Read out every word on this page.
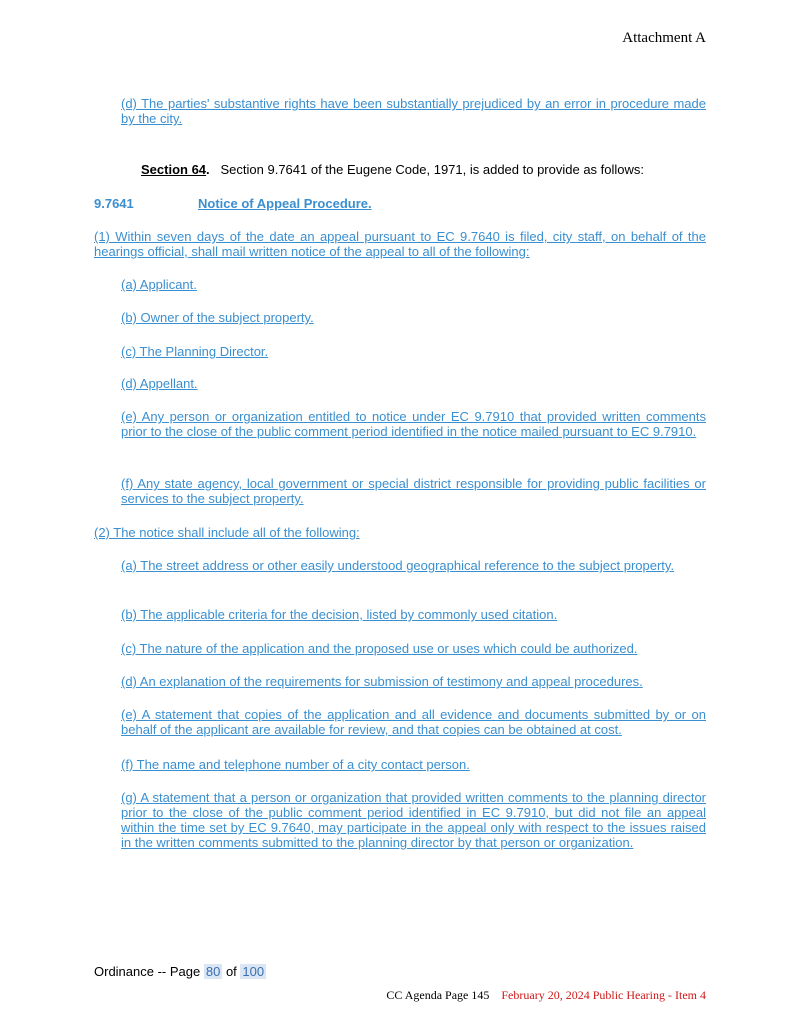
Attachment A

(d) The parties' substantive rights have been substantially prejudiced by an error in procedure made by the city.

Section 64. Section 9.7641 of the Eugene Code, 1971, is added to provide as follows:
9.7641	Notice of Appeal Procedure.

(1) Within seven days of the date an appeal pursuant to EC 9.7640 is filed, city staff, on behalf of the hearings official, shall mail written notice of the appeal to all of the following:

(a) Applicant.

(b) Owner of the subject property.

(c) The Planning Director.

(d) Appellant.

(e) Any person or organization entitled to notice under EC 9.7910 that provided written comments prior to the close of the public comment period identified in the notice mailed pursuant to EC 9.7910.

(f) Any state agency, local government or special district responsible for providing public facilities or services to the subject property.

(2) The notice shall include all of the following:

(a) The street address or other easily understood geographical reference to the subject property.

(b) The applicable criteria for the decision, listed by commonly used citation.

(c) The nature of the application and the proposed use or uses which could be authorized.

(d) An explanation of the requirements for submission of testimony and appeal procedures.

(e) A statement that copies of the application and all evidence and documents submitted by or on behalf of the applicant are available for review, and that copies can be obtained at cost.

(f) The name and telephone number of a city contact person.

(g) A statement that a person or organization that provided written comments to the planning director prior to the close of the public comment period identified in EC 9.7910, but did not file an appeal within the time set by EC 9.7640, may participate in the appeal only with respect to the issues raised in the written comments submitted to the planning director by that person or organization.

Ordinance -- Page 80 of 100
CC Agenda Page 145 February 20, 2024 Public Hearing - Item 4
